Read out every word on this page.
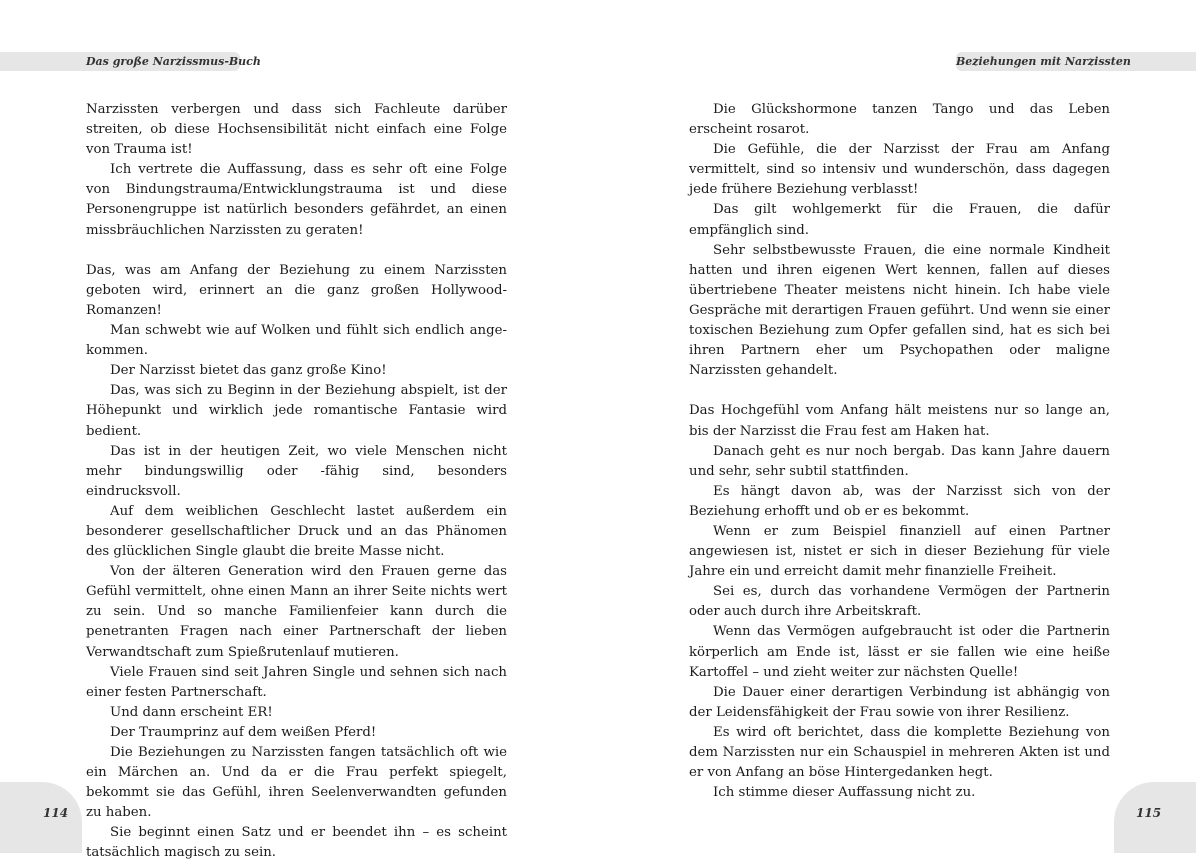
Das große Narzissmus-Buch

Narzissten verbergen und dass sich Fachleute darüber streiten, ob diese Hochsensibilität nicht einfach eine Folge von Trauma ist!

Ich vertrete die Auffassung, dass es sehr oft eine Folge von Bindungstrauma/Entwicklungstrauma ist und diese Personengruppe ist natürlich besonders gefährdet, an einen missbräuchlichen Narzissten zu geraten!

Das, was am Anfang der Beziehung zu einem Narzissten geboten wird, erinnert an die ganz großen Hollywood-Romanzen!

Man schwebt wie auf Wolken und fühlt sich endlich angekommen.

Der Narzisst bietet das ganz große Kino!

Das, was sich zu Beginn in der Beziehung abspielt, ist der Höhepunkt und wirklich jede romantische Fantasie wird bedient.

Das ist in der heutigen Zeit, wo viele Menschen nicht mehr bindungswillig oder -fähig sind, besonders eindrucksvoll.

Auf dem weiblichen Geschlecht lastet außerdem ein besonderer gesellschaftlicher Druck und an das Phänomen des glücklichen Single glaubt die breite Masse nicht.

Von der älteren Generation wird den Frauen gerne das Gefühl vermittelt, ohne einen Mann an ihrer Seite nichts wert zu sein. Und so manche Familienfeier kann durch die penetranten Fragen nach einer Partnerschaft der lieben Verwandtschaft zum Spießrutenlauf mutieren.

Viele Frauen sind seit Jahren Single und sehnen sich nach einer festen Partnerschaft.

Und dann erscheint ER!

Der Traumprinz auf dem weißen Pferd!

Die Beziehungen zu Narzissten fangen tatsächlich oft wie ein Märchen an. Und da er die Frau perfekt spiegelt, bekommt sie das Gefühl, ihren Seelenverwandten gefunden zu haben.

Sie beginnt einen Satz und er beendet ihn – es scheint tatsächlich magisch zu sein.

114
Beziehungen mit Narzissten

Die Glückshormone tanzen Tango und das Leben erscheint rosarot.

Die Gefühle, die der Narzisst der Frau am Anfang vermittelt, sind so intensiv und wunderschön, dass dagegen jede frühere Beziehung verblasst!

Das gilt wohlgemerkt für die Frauen, die dafür empfänglich sind.

Sehr selbstbewusste Frauen, die eine normale Kindheit hatten und ihren eigenen Wert kennen, fallen auf dieses übertriebene Theater meistens nicht hinein. Ich habe viele Gespräche mit derartigen Frauen geführt. Und wenn sie einer toxischen Beziehung zum Opfer gefallen sind, hat es sich bei ihren Partnern eher um Psychopathen oder maligne Narzissten gehandelt.

Das Hochgefühl vom Anfang hält meistens nur so lange an, bis der Narzisst die Frau fest am Haken hat.

Danach geht es nur noch bergab. Das kann Jahre dauern und sehr, sehr subtil stattfinden.

Es hängt davon ab, was der Narzisst sich von der Beziehung erhofft und ob er es bekommt.

Wenn er zum Beispiel finanziell auf einen Partner angewiesen ist, nistet er sich in dieser Beziehung für viele Jahre ein und erreicht damit mehr finanzielle Freiheit.

Sei es, durch das vorhandene Vermögen der Partnerin oder auch durch ihre Arbeitskraft.

Wenn das Vermögen aufgebraucht ist oder die Partnerin körperlich am Ende ist, lässt er sie fallen wie eine heiße Kartoffel – und zieht weiter zur nächsten Quelle!

Die Dauer einer derartigen Verbindung ist abhängig von der Leidensfähigkeit der Frau sowie von ihrer Resilienz.

Es wird oft berichtet, dass die komplette Beziehung von dem Narzissten nur ein Schauspiel in mehreren Akten ist und er von Anfang an böse Hintergedanken hegt.

Ich stimme dieser Auffassung nicht zu.

115
